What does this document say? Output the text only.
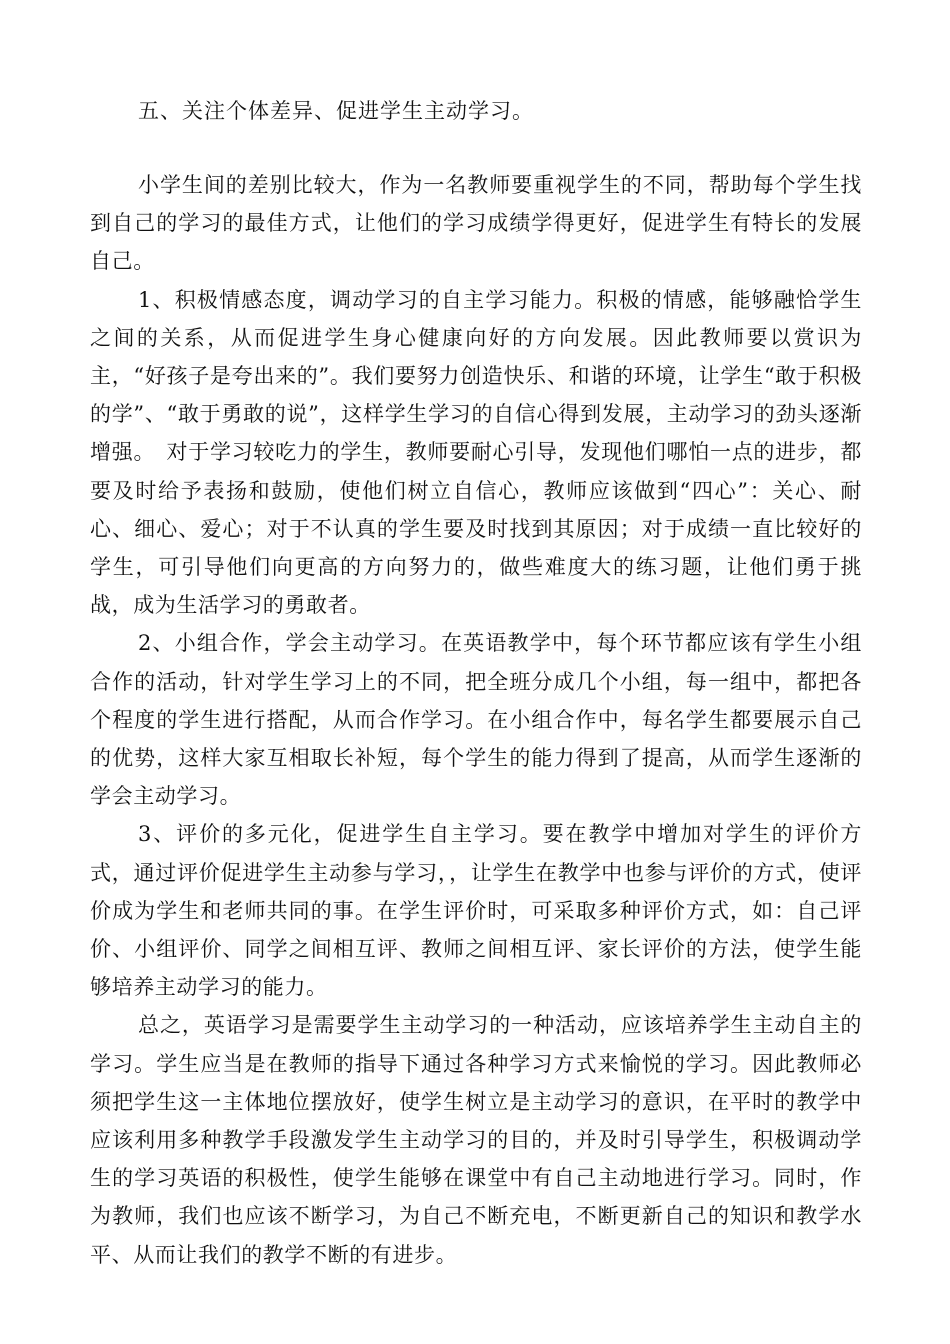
五、关注个体差异、促进学生主动学习。

小学生间的差别比较大，作为一名教师要重视学生的不同，帮助每个学生找到自己的学习的最佳方式，让他们的学习成绩学得更好，促进学生有特长的发展自己。

1、积极情感态度，调动学习的自主学习能力。积极的情感，能够融恰学生之间的关系，从而促进学生身心健康向好的方向发展。因此教师要以赏识为主，“好孩子是夸出来的”。我们要努力创造快乐、和谐的环境，让学生“敢于积极的学”、“敢于勇敢的说”，这样学生学习的自信心得到发展，主动学习的劲头逐渐增强。　对于学习较吃力的学生，教师要耐心引导，发现他们哪怕一点的进步，都要及时给予表扬和鼓励，使他们树立自信心，教师应该做到“四心”：关心、耐心、细心、爱心；对于不认真的学生要及时找到其原因；对于成绩一直比较好的学生，可引导他们向更高的方向努力的，做些难度大的练习题，让他们勇于挑战，成为生活学习的勇敢者。

2、小组合作，学会主动学习。在英语教学中，每个环节都应该有学生小组合作的活动，针对学生学习上的不同，把全班分成几个小组，每一组中，都把各个程度的学生进行搭配，从而合作学习。在小组合作中，每名学生都要展示自己的优势，这样大家互相取长补短，每个学生的能力得到了提高，从而学生逐渐的学会主动学习。

3、评价的多元化，促进学生自主学习。要在教学中增加对学生的评价方式，通过评价促进学生主动参与学习，，让学生在教学中也参与评价的方式，使评价成为学生和老师共同的事。在学生评价时，可采取多种评价方式，如：自己评价、小组评价、同学之间相互评、教师之间相互评、家长评价的方法，使学生能够培养主动学习的能力。

总之，英语学习是需要学生主动学习的一种活动，应该培养学生主动自主的学习。学生应当是在教师的指导下通过各种学习方式来愉悦的学习。因此教师必须把学生这一主体地位摆放好，使学生树立是主动学习的意识，在平时的教学中应该利用多种教学手段激发学生主动学习的目的，并及时引导学生，积极调动学生的学习英语的积极性，使学生能够在课堂中有自己主动地进行学习。同时，作为教师，我们也应该不断学习，为自己不断充电，不断更新自己的知识和教学水平、从而让我们的教学不断的有进步。
